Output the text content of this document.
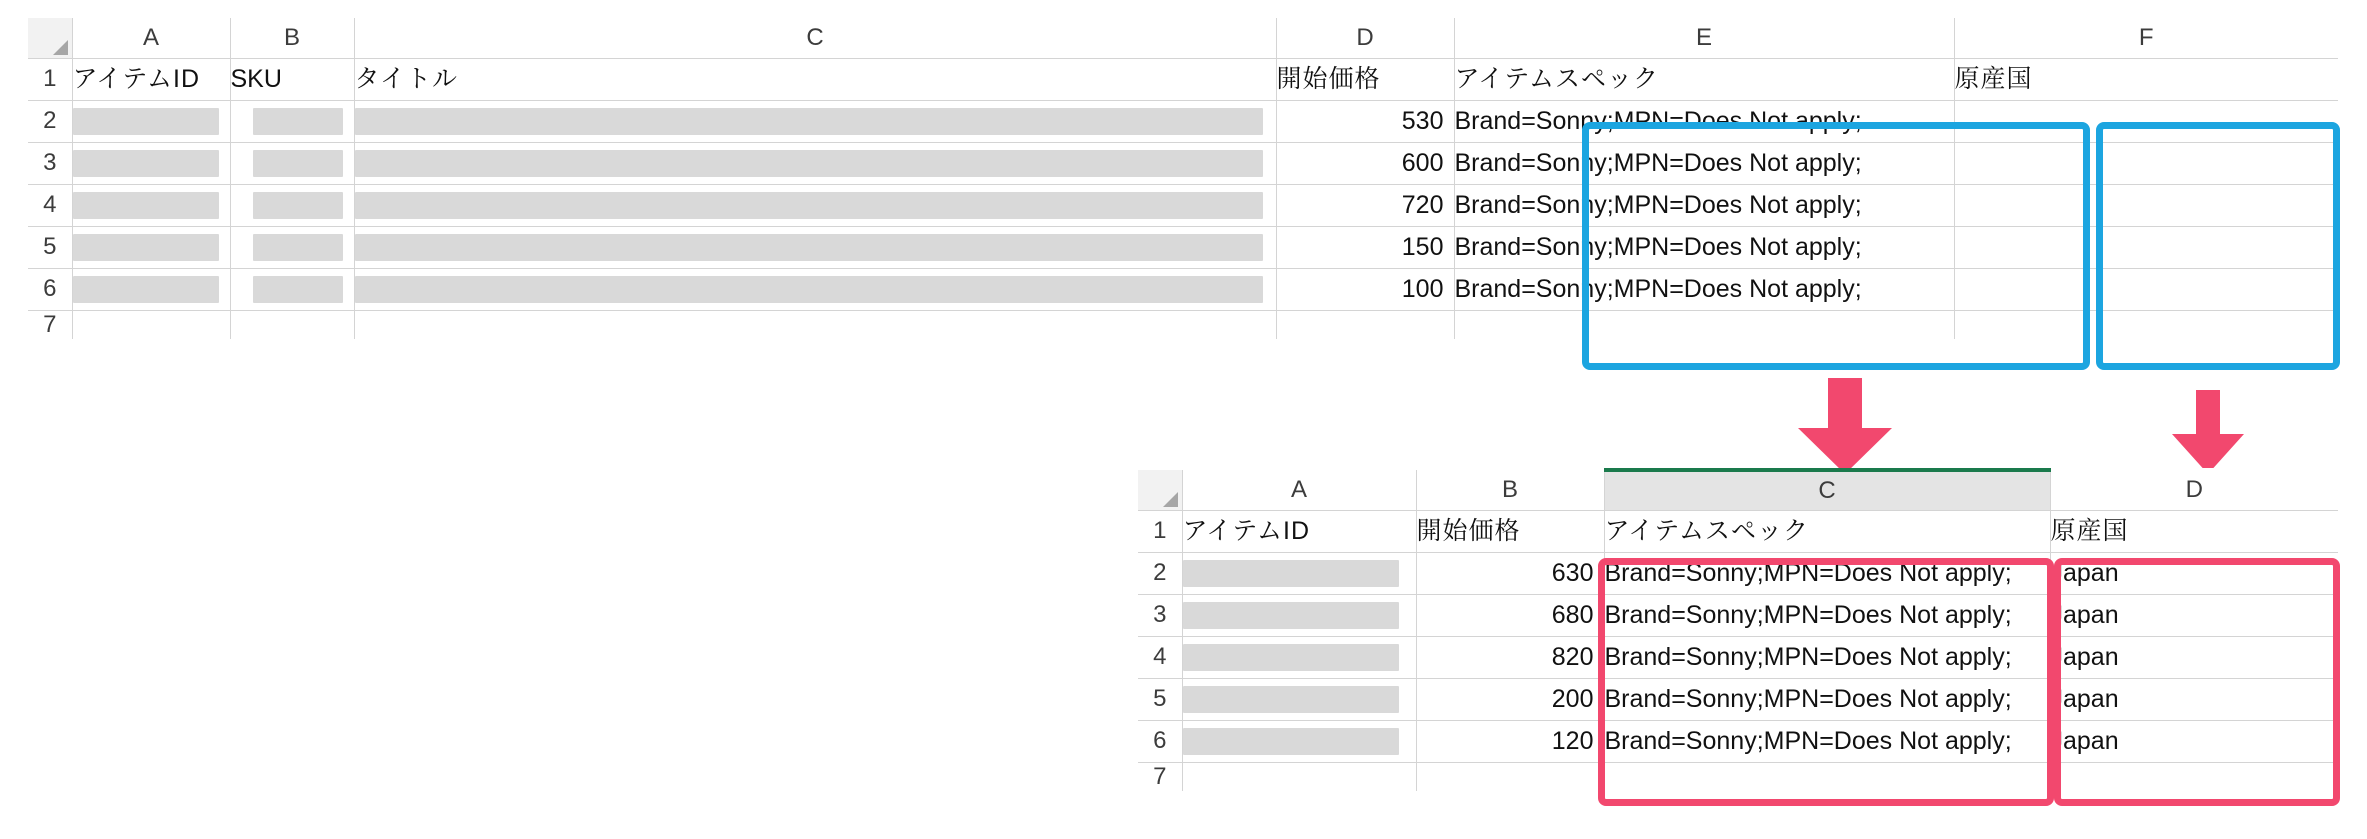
	A	B	C	D	E	F
1	アイテムID	SKU	タイトル	開始価格	アイテムスペック	原産国
2				530	Brand=Sonny;MPN=Does Not apply;	
3				600	Brand=Sonny;MPN=Does Not apply;	
4				720	Brand=Sonny;MPN=Does Not apply;	
5				150	Brand=Sonny;MPN=Does Not apply;	
6				100	Brand=Sonny;MPN=Does Not apply;	
7						
	A	B	C	D
1	アイテムID	開始価格	アイテムスペック	原産国
2		630	Brand=Sonny;MPN=Does Not apply;	Japan
3		680	Brand=Sonny;MPN=Does Not apply;	Japan
4		820	Brand=Sonny;MPN=Does Not apply;	Japan
5		200	Brand=Sonny;MPN=Does Not apply;	Japan
6		120	Brand=Sonny;MPN=Does Not apply;	Japan
7				
